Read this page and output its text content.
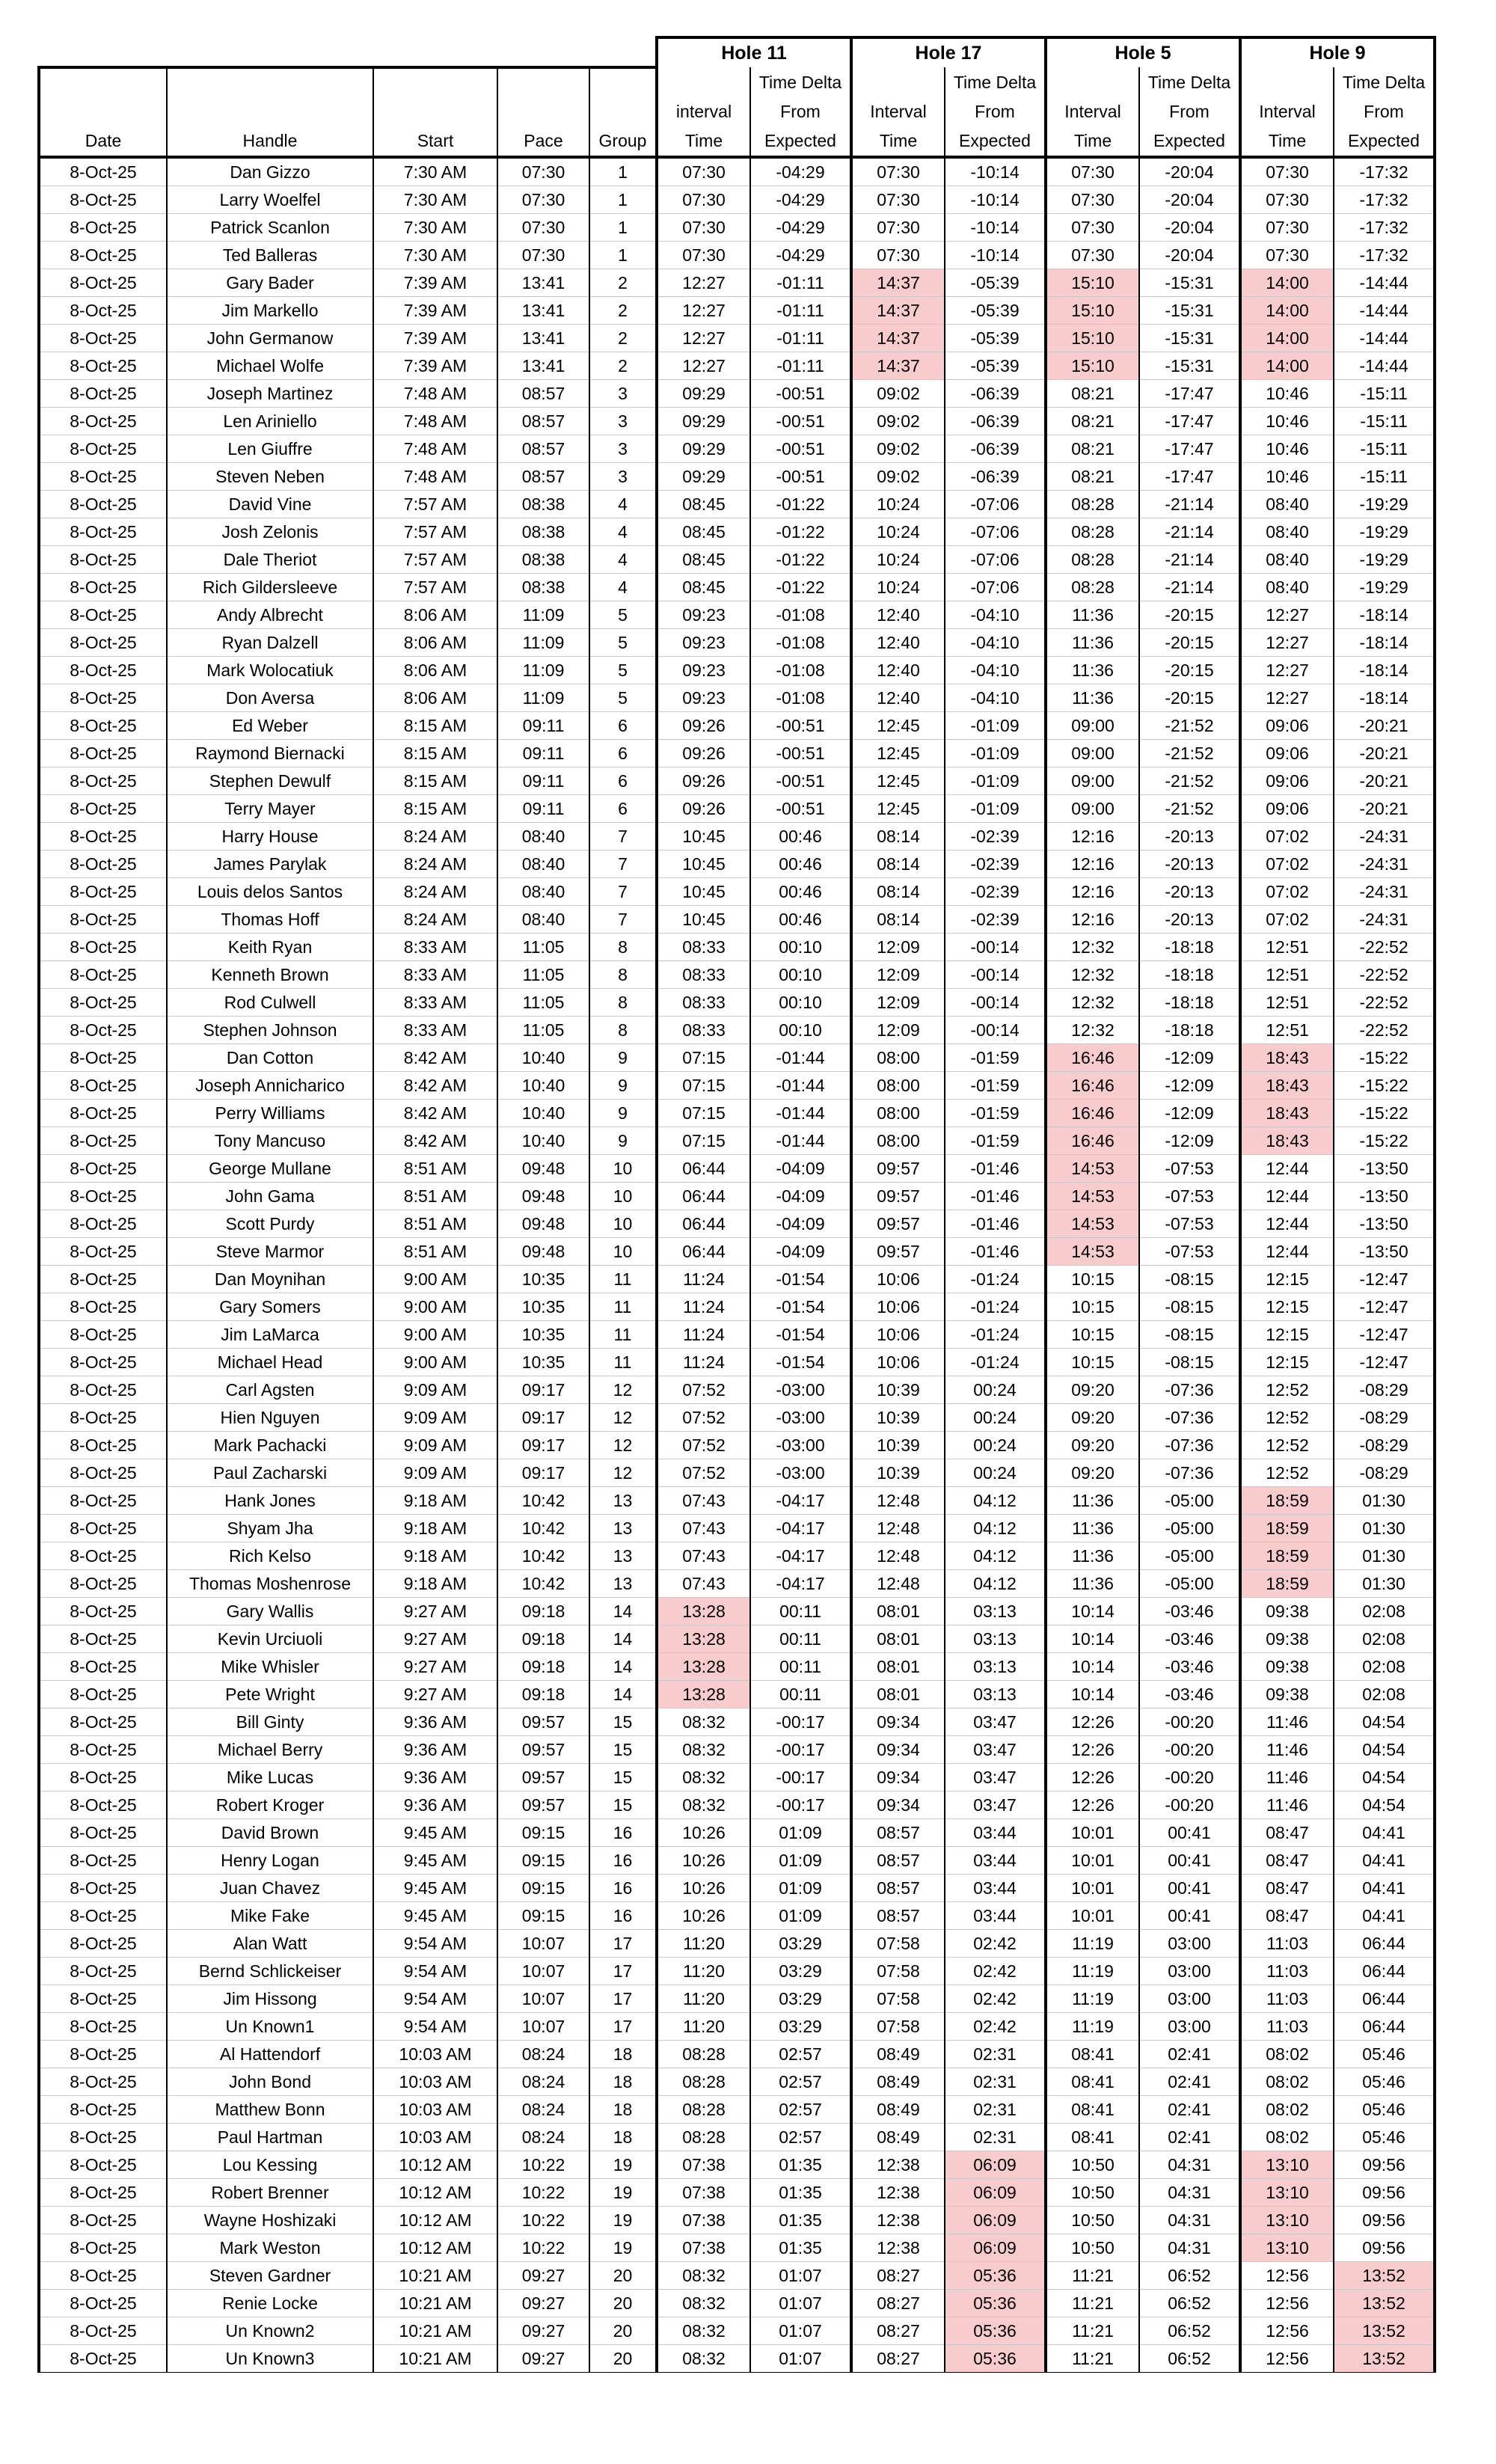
					Hole 11		Hole 17		Hole 5		Hole 9	
						Time Delta		Time Delta		Time Delta		Time Delta
					interval	From	Interval	From	Interval	From	Interval	From
Date	Handle	Start	Pace	Group	Time	Expected	Time	Expected	Time	Expected	Time	Expected
8-Oct-25	Dan Gizzo	7:30 AM	07:30	1	07:30	-04:29	07:30	-10:14	07:30	-20:04	07:30	-17:32
8-Oct-25	Larry Woelfel	7:30 AM	07:30	1	07:30	-04:29	07:30	-10:14	07:30	-20:04	07:30	-17:32
8-Oct-25	Patrick Scanlon	7:30 AM	07:30	1	07:30	-04:29	07:30	-10:14	07:30	-20:04	07:30	-17:32
8-Oct-25	Ted Balleras	7:30 AM	07:30	1	07:30	-04:29	07:30	-10:14	07:30	-20:04	07:30	-17:32
8-Oct-25	Gary Bader	7:39 AM	13:41	2	12:27	-01:11	14:37	-05:39	15:10	-15:31	14:00	-14:44
8-Oct-25	Jim Markello	7:39 AM	13:41	2	12:27	-01:11	14:37	-05:39	15:10	-15:31	14:00	-14:44
8-Oct-25	John Germanow	7:39 AM	13:41	2	12:27	-01:11	14:37	-05:39	15:10	-15:31	14:00	-14:44
8-Oct-25	Michael Wolfe	7:39 AM	13:41	2	12:27	-01:11	14:37	-05:39	15:10	-15:31	14:00	-14:44
8-Oct-25	Joseph Martinez	7:48 AM	08:57	3	09:29	-00:51	09:02	-06:39	08:21	-17:47	10:46	-15:11
8-Oct-25	Len Ariniello	7:48 AM	08:57	3	09:29	-00:51	09:02	-06:39	08:21	-17:47	10:46	-15:11
8-Oct-25	Len Giuffre	7:48 AM	08:57	3	09:29	-00:51	09:02	-06:39	08:21	-17:47	10:46	-15:11
8-Oct-25	Steven Neben	7:48 AM	08:57	3	09:29	-00:51	09:02	-06:39	08:21	-17:47	10:46	-15:11
8-Oct-25	David Vine	7:57 AM	08:38	4	08:45	-01:22	10:24	-07:06	08:28	-21:14	08:40	-19:29
8-Oct-25	Josh Zelonis	7:57 AM	08:38	4	08:45	-01:22	10:24	-07:06	08:28	-21:14	08:40	-19:29
8-Oct-25	Dale Theriot	7:57 AM	08:38	4	08:45	-01:22	10:24	-07:06	08:28	-21:14	08:40	-19:29
8-Oct-25	Rich Gildersleeve	7:57 AM	08:38	4	08:45	-01:22	10:24	-07:06	08:28	-21:14	08:40	-19:29
8-Oct-25	Andy Albrecht	8:06 AM	11:09	5	09:23	-01:08	12:40	-04:10	11:36	-20:15	12:27	-18:14
8-Oct-25	Ryan Dalzell	8:06 AM	11:09	5	09:23	-01:08	12:40	-04:10	11:36	-20:15	12:27	-18:14
8-Oct-25	Mark Wolocatiuk	8:06 AM	11:09	5	09:23	-01:08	12:40	-04:10	11:36	-20:15	12:27	-18:14
8-Oct-25	Don Aversa	8:06 AM	11:09	5	09:23	-01:08	12:40	-04:10	11:36	-20:15	12:27	-18:14
8-Oct-25	Ed Weber	8:15 AM	09:11	6	09:26	-00:51	12:45	-01:09	09:00	-21:52	09:06	-20:21
8-Oct-25	Raymond Biernacki	8:15 AM	09:11	6	09:26	-00:51	12:45	-01:09	09:00	-21:52	09:06	-20:21
8-Oct-25	Stephen Dewulf	8:15 AM	09:11	6	09:26	-00:51	12:45	-01:09	09:00	-21:52	09:06	-20:21
8-Oct-25	Terry Mayer	8:15 AM	09:11	6	09:26	-00:51	12:45	-01:09	09:00	-21:52	09:06	-20:21
8-Oct-25	Harry House	8:24 AM	08:40	7	10:45	00:46	08:14	-02:39	12:16	-20:13	07:02	-24:31
8-Oct-25	James Parylak	8:24 AM	08:40	7	10:45	00:46	08:14	-02:39	12:16	-20:13	07:02	-24:31
8-Oct-25	Louis delos Santos	8:24 AM	08:40	7	10:45	00:46	08:14	-02:39	12:16	-20:13	07:02	-24:31
8-Oct-25	Thomas Hoff	8:24 AM	08:40	7	10:45	00:46	08:14	-02:39	12:16	-20:13	07:02	-24:31
8-Oct-25	Keith Ryan	8:33 AM	11:05	8	08:33	00:10	12:09	-00:14	12:32	-18:18	12:51	-22:52
8-Oct-25	Kenneth Brown	8:33 AM	11:05	8	08:33	00:10	12:09	-00:14	12:32	-18:18	12:51	-22:52
8-Oct-25	Rod Culwell	8:33 AM	11:05	8	08:33	00:10	12:09	-00:14	12:32	-18:18	12:51	-22:52
8-Oct-25	Stephen Johnson	8:33 AM	11:05	8	08:33	00:10	12:09	-00:14	12:32	-18:18	12:51	-22:52
8-Oct-25	Dan Cotton	8:42 AM	10:40	9	07:15	-01:44	08:00	-01:59	16:46	-12:09	18:43	-15:22
8-Oct-25	Joseph Annicharico	8:42 AM	10:40	9	07:15	-01:44	08:00	-01:59	16:46	-12:09	18:43	-15:22
8-Oct-25	Perry Williams	8:42 AM	10:40	9	07:15	-01:44	08:00	-01:59	16:46	-12:09	18:43	-15:22
8-Oct-25	Tony Mancuso	8:42 AM	10:40	9	07:15	-01:44	08:00	-01:59	16:46	-12:09	18:43	-15:22
8-Oct-25	George Mullane	8:51 AM	09:48	10	06:44	-04:09	09:57	-01:46	14:53	-07:53	12:44	-13:50
8-Oct-25	John Gama	8:51 AM	09:48	10	06:44	-04:09	09:57	-01:46	14:53	-07:53	12:44	-13:50
8-Oct-25	Scott Purdy	8:51 AM	09:48	10	06:44	-04:09	09:57	-01:46	14:53	-07:53	12:44	-13:50
8-Oct-25	Steve Marmor	8:51 AM	09:48	10	06:44	-04:09	09:57	-01:46	14:53	-07:53	12:44	-13:50
8-Oct-25	Dan Moynihan	9:00 AM	10:35	11	11:24	-01:54	10:06	-01:24	10:15	-08:15	12:15	-12:47
8-Oct-25	Gary Somers	9:00 AM	10:35	11	11:24	-01:54	10:06	-01:24	10:15	-08:15	12:15	-12:47
8-Oct-25	Jim LaMarca	9:00 AM	10:35	11	11:24	-01:54	10:06	-01:24	10:15	-08:15	12:15	-12:47
8-Oct-25	Michael Head	9:00 AM	10:35	11	11:24	-01:54	10:06	-01:24	10:15	-08:15	12:15	-12:47
8-Oct-25	Carl Agsten	9:09 AM	09:17	12	07:52	-03:00	10:39	00:24	09:20	-07:36	12:52	-08:29
8-Oct-25	Hien Nguyen	9:09 AM	09:17	12	07:52	-03:00	10:39	00:24	09:20	-07:36	12:52	-08:29
8-Oct-25	Mark Pachacki	9:09 AM	09:17	12	07:52	-03:00	10:39	00:24	09:20	-07:36	12:52	-08:29
8-Oct-25	Paul Zacharski	9:09 AM	09:17	12	07:52	-03:00	10:39	00:24	09:20	-07:36	12:52	-08:29
8-Oct-25	Hank Jones	9:18 AM	10:42	13	07:43	-04:17	12:48	04:12	11:36	-05:00	18:59	01:30
8-Oct-25	Shyam Jha	9:18 AM	10:42	13	07:43	-04:17	12:48	04:12	11:36	-05:00	18:59	01:30
8-Oct-25	Rich Kelso	9:18 AM	10:42	13	07:43	-04:17	12:48	04:12	11:36	-05:00	18:59	01:30
8-Oct-25	Thomas Moshenrose	9:18 AM	10:42	13	07:43	-04:17	12:48	04:12	11:36	-05:00	18:59	01:30
8-Oct-25	Gary Wallis	9:27 AM	09:18	14	13:28	00:11	08:01	03:13	10:14	-03:46	09:38	02:08
8-Oct-25	Kevin Urciuoli	9:27 AM	09:18	14	13:28	00:11	08:01	03:13	10:14	-03:46	09:38	02:08
8-Oct-25	Mike Whisler	9:27 AM	09:18	14	13:28	00:11	08:01	03:13	10:14	-03:46	09:38	02:08
8-Oct-25	Pete Wright	9:27 AM	09:18	14	13:28	00:11	08:01	03:13	10:14	-03:46	09:38	02:08
8-Oct-25	Bill Ginty	9:36 AM	09:57	15	08:32	-00:17	09:34	03:47	12:26	-00:20	11:46	04:54
8-Oct-25	Michael Berry	9:36 AM	09:57	15	08:32	-00:17	09:34	03:47	12:26	-00:20	11:46	04:54
8-Oct-25	Mike Lucas	9:36 AM	09:57	15	08:32	-00:17	09:34	03:47	12:26	-00:20	11:46	04:54
8-Oct-25	Robert Kroger	9:36 AM	09:57	15	08:32	-00:17	09:34	03:47	12:26	-00:20	11:46	04:54
8-Oct-25	David Brown	9:45 AM	09:15	16	10:26	01:09	08:57	03:44	10:01	00:41	08:47	04:41
8-Oct-25	Henry Logan	9:45 AM	09:15	16	10:26	01:09	08:57	03:44	10:01	00:41	08:47	04:41
8-Oct-25	Juan Chavez	9:45 AM	09:15	16	10:26	01:09	08:57	03:44	10:01	00:41	08:47	04:41
8-Oct-25	Mike Fake	9:45 AM	09:15	16	10:26	01:09	08:57	03:44	10:01	00:41	08:47	04:41
8-Oct-25	Alan Watt	9:54 AM	10:07	17	11:20	03:29	07:58	02:42	11:19	03:00	11:03	06:44
8-Oct-25	Bernd Schlickeiser	9:54 AM	10:07	17	11:20	03:29	07:58	02:42	11:19	03:00	11:03	06:44
8-Oct-25	Jim Hissong	9:54 AM	10:07	17	11:20	03:29	07:58	02:42	11:19	03:00	11:03	06:44
8-Oct-25	Un Known1	9:54 AM	10:07	17	11:20	03:29	07:58	02:42	11:19	03:00	11:03	06:44
8-Oct-25	Al Hattendorf	10:03 AM	08:24	18	08:28	02:57	08:49	02:31	08:41	02:41	08:02	05:46
8-Oct-25	John Bond	10:03 AM	08:24	18	08:28	02:57	08:49	02:31	08:41	02:41	08:02	05:46
8-Oct-25	Matthew Bonn	10:03 AM	08:24	18	08:28	02:57	08:49	02:31	08:41	02:41	08:02	05:46
8-Oct-25	Paul Hartman	10:03 AM	08:24	18	08:28	02:57	08:49	02:31	08:41	02:41	08:02	05:46
8-Oct-25	Lou Kessing	10:12 AM	10:22	19	07:38	01:35	12:38	06:09	10:50	04:31	13:10	09:56
8-Oct-25	Robert Brenner	10:12 AM	10:22	19	07:38	01:35	12:38	06:09	10:50	04:31	13:10	09:56
8-Oct-25	Wayne Hoshizaki	10:12 AM	10:22	19	07:38	01:35	12:38	06:09	10:50	04:31	13:10	09:56
8-Oct-25	Mark Weston	10:12 AM	10:22	19	07:38	01:35	12:38	06:09	10:50	04:31	13:10	09:56
8-Oct-25	Steven Gardner	10:21 AM	09:27	20	08:32	01:07	08:27	05:36	11:21	06:52	12:56	13:52
8-Oct-25	Renie Locke	10:21 AM	09:27	20	08:32	01:07	08:27	05:36	11:21	06:52	12:56	13:52
8-Oct-25	Un Known2	10:21 AM	09:27	20	08:32	01:07	08:27	05:36	11:21	06:52	12:56	13:52
8-Oct-25	Un Known3	10:21 AM	09:27	20	08:32	01:07	08:27	05:36	11:21	06:52	12:56	13:52
